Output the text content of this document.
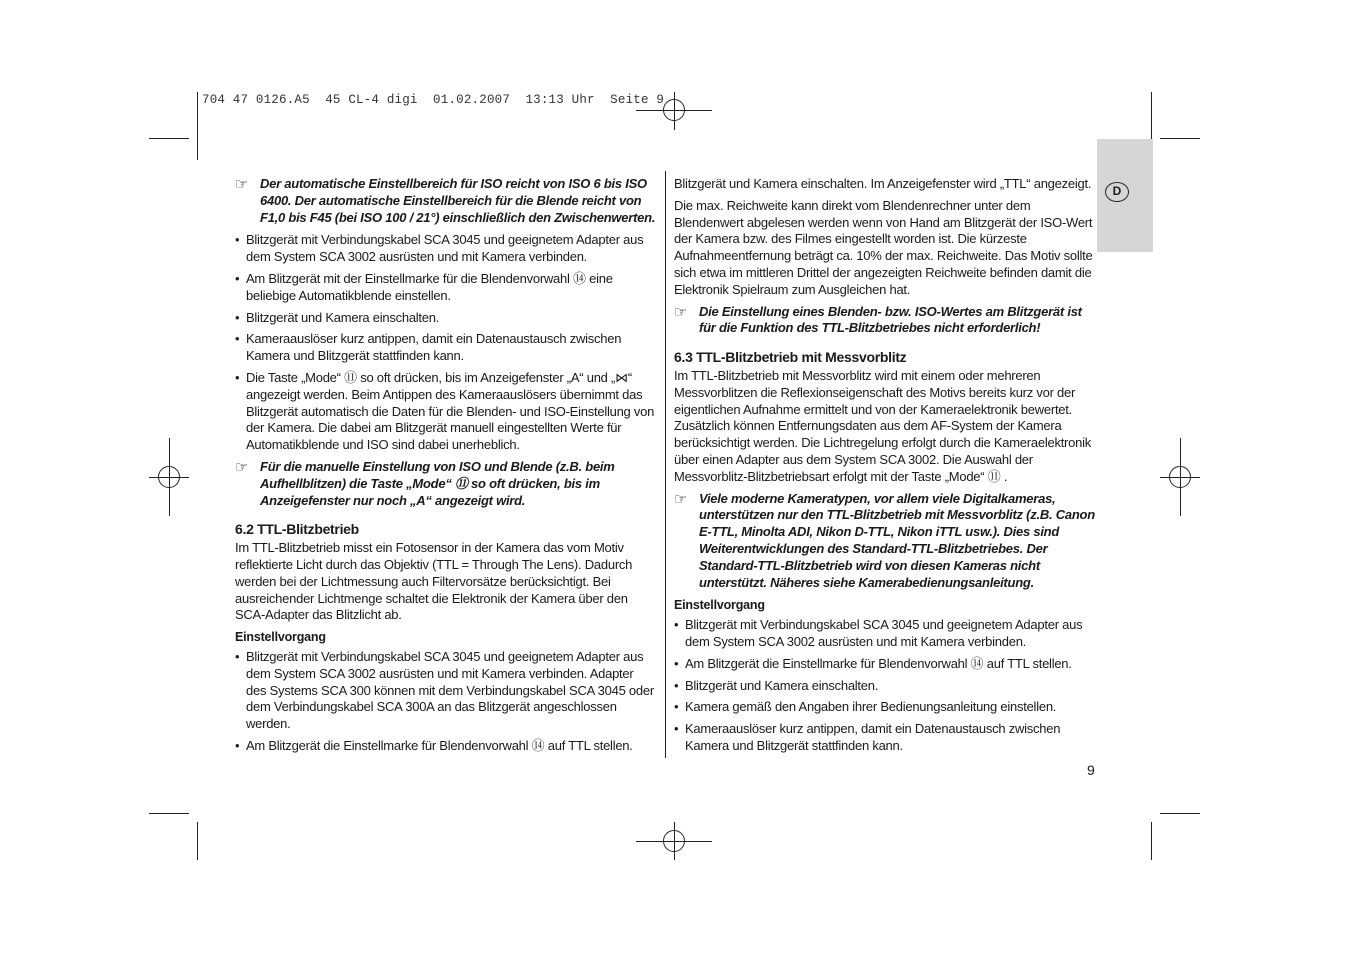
704 47 0126.A5  45 CL-4 digi  01.02.2007  13:13 Uhr  Seite 9
D
☞ Der automatische Einstellbereich für ISO reicht von ISO 6 bis ISO 6400. Der automatische Einstellbereich für die Blende reicht von F1,0 bis F45 (bei ISO 100 / 21°) einschließlich den Zwischenwerten.
• Blitzgerät mit Verbindungskabel SCA 3045 und geeignetem Adapter aus dem System SCA 3002 ausrüsten und mit Kamera verbinden.
• Am Blitzgerät mit der Einstellmarke für die Blendenvorwahl ⑭ eine beliebige Automatikblende einstellen.
• Blitzgerät und Kamera einschalten.
• Kameraauslöser kurz antippen, damit ein Datenaustausch zwischen Kamera und Blitzgerät stattfinden kann.
• Die Taste „Mode“ ⑪ so oft drücken, bis im Anzeigefenster „A“ und „⋈“ angezeigt werden. Beim Antippen des Kameraauslösers übernimmt das Blitzgerät automatisch die Daten für die Blenden- und ISO-Einstellung von der Kamera. Die dabei am Blitzgerät manuell eingestellten Werte für Automatikblende und ISO sind dabei unerheblich.
☞ Für die manuelle Einstellung von ISO und Blende (z.B. beim Aufhellblitzen) die Taste „Mode“ ⑪ so oft drücken, bis im Anzeigefenster nur noch „A“ angezeigt wird.
6.2 TTL-Blitzbetrieb

Im TTL-Blitzbetrieb misst ein Fotosensor in der Kamera das vom Motiv reflektierte Licht durch das Objektiv (TTL = Through The Lens). Dadurch werden bei der Lichtmessung auch Filtervorsätze berücksichtigt. Bei ausreichender Lichtmenge schaltet die Elektronik der Kamera über den SCA-Adapter das Blitzlicht ab.

Einstellvorgang
• Blitzgerät mit Verbindungskabel SCA 3045 und geeignetem Adapter aus dem System SCA 3002 ausrüsten und mit Kamera verbinden. Adapter des Systems SCA 300 können mit dem Verbindungskabel SCA 3045 oder dem Verbindungskabel SCA 300A an das Blitzgerät angeschlossen werden.
• Am Blitzgerät die Einstellmarke für Blendenvorwahl ⑭ auf TTL stellen.

Blitzgerät und Kamera einschalten. Im Anzeigefenster wird „TTL“ angezeigt.

Die max. Reichweite kann direkt vom Blendenrechner unter dem Blendenwert abgelesen werden wenn von Hand am Blitzgerät der ISO-Wert der Kamera bzw. des Filmes eingestellt worden ist. Die kürzeste Aufnahmeentfernung beträgt ca. 10% der max. Reichweite. Das Motiv sollte sich etwa im mittleren Drittel der angezeigten Reichweite befinden damit die Elektronik Spielraum zum Ausgleichen hat.

☞ Die Einstellung eines Blenden- bzw. ISO-Wertes am Blitzgerät ist für die Funktion des TTL-Blitzbetriebes nicht erforderlich!
6.3 TTL-Blitzbetrieb mit Messvorblitz

Im TTL-Blitzbetrieb mit Messvorblitz wird mit einem oder mehreren Messvorblitzen die Reflexionseigenschaft des Motivs bereits kurz vor der eigentlichen Aufnahme ermittelt und von der Kameraelektronik bewertet. Zusätzlich können Entfernungsdaten aus dem AF-System der Kamera berücksichtigt werden. Die Lichtregelung erfolgt durch die Kameraelektronik über einen Adapter aus dem System SCA 3002. Die Auswahl der Messvorblitz-Blitzbetriebsart erfolgt mit der Taste „Mode“ ⑪ .

☞ Viele moderne Kameratypen, vor allem viele Digitalkameras, unterstützen nur den TTL-Blitzbetrieb mit Messvorblitz (z.B. Canon E-TTL, Minolta ADI, Nikon D-TTL, Nikon iTTL usw.). Dies sind Weiterentwicklungen des Standard-TTL-Blitzbetriebes. Der Standard-TTL-Blitzbetrieb wird von diesen Kameras nicht unterstützt. Näheres siehe Kamerabedienungsanleitung.
Einstellvorgang
• Blitzgerät mit Verbindungskabel SCA 3045 und geeignetem Adapter aus dem System SCA 3002 ausrüsten und mit Kamera verbinden.
• Am Blitzgerät die Einstellmarke für Blendenvorwahl ⑭ auf TTL stellen.
• Blitzgerät und Kamera einschalten.
• Kamera gemäß den Angaben ihrer Bedienungsanleitung einstellen.
• Kameraauslöser kurz antippen, damit ein Datenaustausch zwischen Kamera und Blitzgerät stattfinden kann.
9
